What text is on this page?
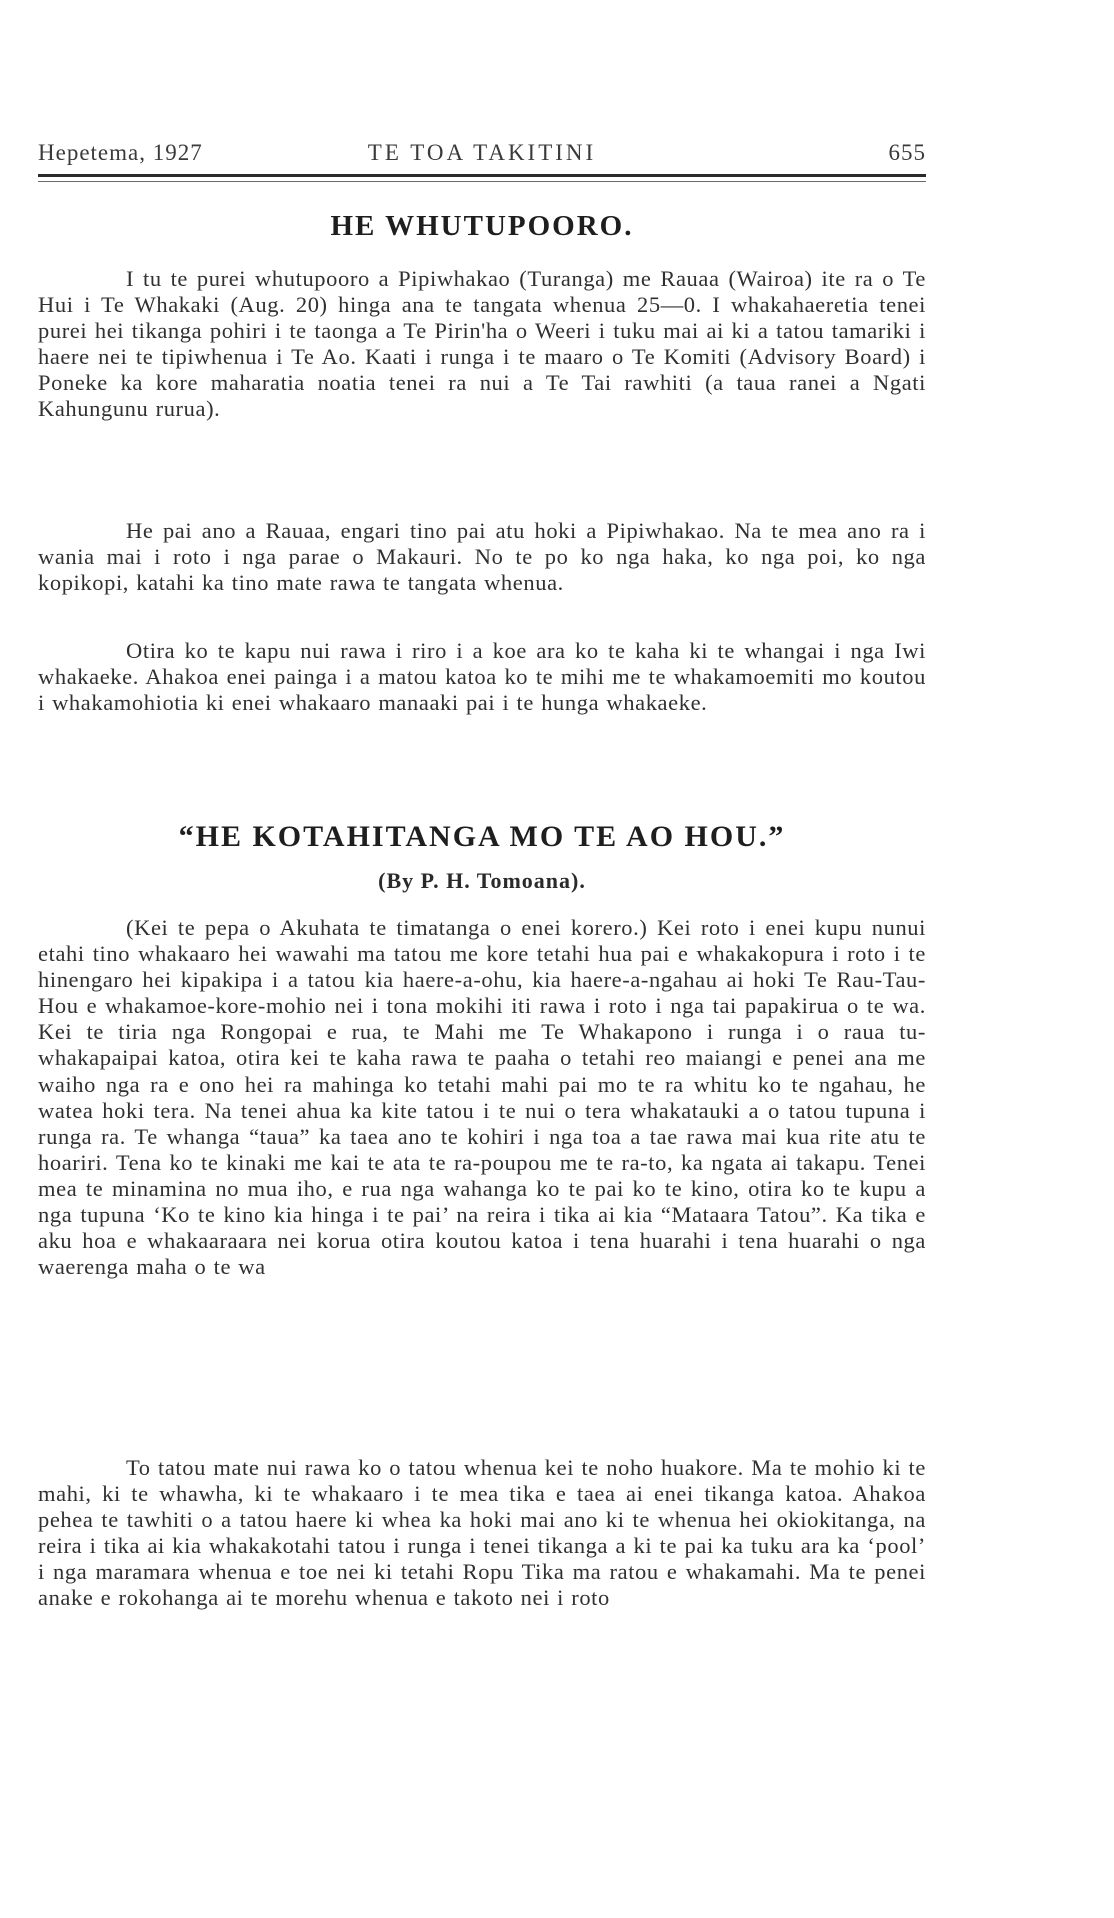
Hepetema, 1927	TE TOA TAKITINI	655
HE WHUTUPOORO.

I tu te purei whutupooro a Pipiwhakao (Turanga) me Rauaa (Wairoa) ite ra o Te Hui i Te Whakaki (Aug. 20) hinga ana te tangata whenua 25—0. I whakahaeretia tenei purei hei tikanga pohiri i te taonga a Te Pirin'ha o Weeri i tuku mai ai ki a tatou tamariki i haere nei te tipiwhenua i Te Ao. Kaati i runga i te maaro o Te Komiti (Advisory Board) i Poneke ka kore maharatia noatia tenei ra nui a Te Tai rawhiti (a taua ranei a Ngati Kahungunu rurua).

He pai ano a Rauaa, engari tino pai atu hoki a Pipiwhakao. Na te mea ano ra i wania mai i roto i nga parae o Makauri. No te po ko nga haka, ko nga poi, ko nga kopikopi, katahi ka tino mate rawa te tangata whenua.

Otira ko te kapu nui rawa i riro i a koe ara ko te kaha ki te whangai i nga Iwi whakaeke. Ahakoa enei painga i a matou katoa ko te mihi me te whakamoemiti mo koutou i whakamohiotia ki enei whakaaro manaaki pai i te hunga whakaeke.

“HE KOTAHITANGA MO TE AO HOU.”
(By P. H. Tomoana).

(Kei te pepa o Akuhata te timatanga o enei korero.) Kei roto i enei kupu nunui etahi tino whakaaro hei wawahi ma tatou me kore tetahi hua pai e whakakopura i roto i te hinengaro hei kipakipa i a tatou kia haere-a-ohu, kia haere-a-ngahau ai hoki Te Rau-Tau-Hou e whakamoe-kore-mohio nei i tona mokihi iti rawa i roto i nga tai papakirua o te wa. Kei te tiria nga Rongopai e rua, te Mahi me Te Whakapono i runga i o raua tu-whakapaipai katoa, otira kei te kaha rawa te paaha o tetahi reo maiangi e penei ana me waiho nga ra e ono hei ra mahinga ko tetahi mahi pai mo te ra whitu ko te ngahau, he watea hoki tera. Na tenei ahua ka kite tatou i te nui o tera whakatauki a o tatou tupuna i runga ra. Te whanga “taua” ka taea ano te kohiri i nga toa a tae rawa mai kua rite atu te hoariri. Tena ko te kinaki me kai te ata te ra-poupou me te ra-to, ka ngata ai takapu. Tenei mea te minamina no mua iho, e rua nga wahanga ko te pai ko te kino, otira ko te kupu a nga tupuna ‘Ko te kino kia hinga i te pai’ na reira i tika ai kia “Mataara Tatou”. Ka tika e aku hoa e whakaaraara nei korua otira koutou katoa i tena huarahi i tena huarahi o nga waerenga maha o te wa

To tatou mate nui rawa ko o tatou whenua kei te noho huakore. Ma te mohio ki te mahi, ki te whawha, ki te whakaaro i te mea tika e taea ai enei tikanga katoa. Ahakoa pehea te tawhiti o a tatou haere ki whea ka hoki mai ano ki te whenua hei okiokitanga, na reira i tika ai kia whakakotahi tatou i runga i tenei tikanga a ki te pai ka tuku ara ka ‘pool’ i nga maramara whenua e toe nei ki tetahi Ropu Tika ma ratou e whakamahi. Ma te penei anake e rokohanga ai te morehu whenua e takoto nei i roto
